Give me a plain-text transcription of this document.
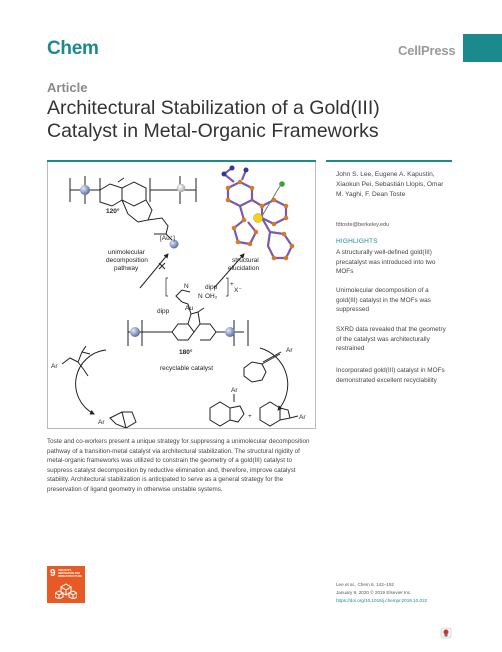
Chem	CellPress
Article
Architectural Stabilization of a Gold(III) Catalyst in Metal-Organic Frameworks
120°
[Au⁺]
unimolecular
decomposition
pathway
structural
elucidation
N
N
dipp
OH₂
dipp Au
+
X⁻
180°
recyclable catalyst
Ar
Ar
Ar
Ar
+	Ar

Toste and co-workers present a unique strategy for suppressing a unimolecular decomposition pathway of a transition-metal catalyst via architectural stabilization. The structural rigidity of metal-organic frameworks was utilized to constrain the geometry of a gold(III) catalyst to suppress catalyst decomposition by reductive elimination and, therefore, improve catalyst stability. Architectural stabilization is anticipated to serve as a general strategy for the preservation of ligand geometry in otherwise unstable systems.

John S. Lee, Eugene A. Kapustin, Xiaokun Pei, Sebastián Llopis, Omar M. Yaghi, F. Dean Toste
fdtoste@berkeley.edu
HIGHLIGHTS
A structurally well-defined gold(III) precatalyst was introduced into two MOFs
Unimolecular decomposition of a gold(III) catalyst in the MOFs was suppressed
SXRD data revealed that the geometry of the catalyst was architecturally restrained
Incorporated gold(III) catalyst in MOFs demonstrated excellent recyclability
9 INDUSTRY, INNOVATION AND INFRASTRUCTURE
Lee et al., Chem 6, 142–152
January 9, 2020 © 2019 Elsevier Inc.
https://doi.org/10.1016/j.chempr.2019.10.022
